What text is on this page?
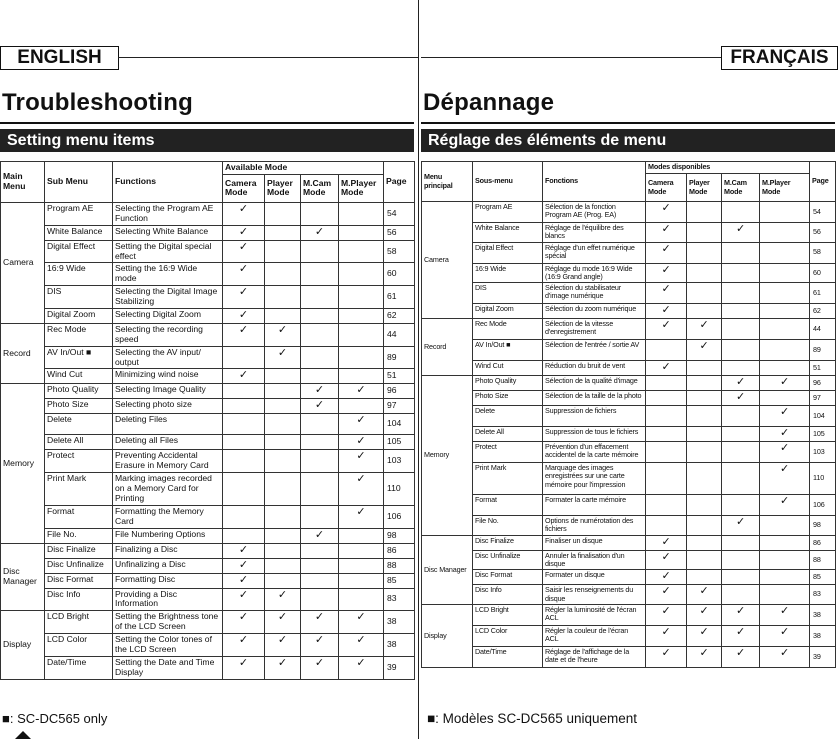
ENGLISH
Troubleshooting
Setting menu items
Main Menu	Sub Menu	Functions	Available Mode				Page
			Camera Mode	Player Mode	M.Cam Mode	M.Player Mode	
Camera	Program AE	Selecting the Program AE Function	✓				54
	White Balance	Selecting White Balance	✓		✓		56
	Digital Effect	Setting the Digital special effect	✓				58
	16:9 Wide	Setting the 16:9 Wide mode	✓				60
	DIS	Selecting the Digital Image Stabilizing	✓				61
	Digital Zoom	Selecting Digital Zoom	✓				62
Record	Rec Mode	Selecting the recording speed	✓	✓			44
	AV In/Out ■	Selecting the AV input/ output		✓			89
	Wind Cut	Minimizing wind noise	✓				51
Memory	Photo Quality	Selecting Image Quality			✓	✓	96
	Photo Size	Selecting photo size			✓		97
	Delete	Deleting Files				✓	104
	Delete All	Deleting all Files				✓	105
	Protect	Preventing Accidental Erasure in Memory Card				✓	103
	Print Mark	Marking images recorded on a Memory Card for Printing				✓	110
	Format	Formatting the Memory Card				✓	106
	File No.	File Numbering Options			✓		98
Disc Manager	Disc Finalize	Finalizing a Disc	✓				86
	Disc Unfinalize	Unfinalizing a Disc	✓				88
	Disc Format	Formatting Disc	✓				85
	Disc Info	Providing a Disc Information	✓	✓			83
Display	LCD Bright	Setting the Brightness tone of the LCD Screen	✓	✓	✓	✓	38
	LCD Color	Setting the Color tones of the LCD Screen	✓	✓	✓	✓	38
	Date/Time	Setting the Date and Time Display	✓	✓	✓	✓	39
■: SC-DC565 only
FRANÇAIS
Dépannage
Réglage des éléments de menu
Menu principal	Sous-menu	Fonctions	Modes disponibles				Page
			Camera Mode	Player Mode	M.Cam Mode	M.Player Mode	
Camera	Program AE	Sélection de la fonction Program AE (Prog. EA)	✓				54
	White Balance	Réglage de l'équilibre des blancs	✓		✓		56
	Digital Effect	Réglage d'un effet numérique spécial	✓				58
	16:9 Wide	Réglage du mode 16:9 Wide (16:9 Grand angle)	✓				60
	DIS	Sélection du stabilisateur d'image numérique	✓				61
	Digital Zoom	Sélection du zoom numérique	✓				62
Record	Rec Mode	Sélection de la vitesse d'enregistrement	✓	✓			44
	AV In/Out ■	Sélection de l'entrée / sortie AV		✓			89
	Wind Cut	Réduction du bruit de vent	✓				51
Memory	Photo Quality	Sélection de la qualité d'image			✓	✓	96
	Photo Size	Sélection de la taille de la photo			✓		97
	Delete	Suppression de fichiers				✓	104
	Delete All	Suppression de tous le fichiers				✓	105
	Protect	Prévention d'un effacement accidentel de la carte mémoire				✓	103
	Print Mark	Marquage des images enregistrées sur une carte mémoire pour l'impression				✓	110
	Format	Formater la carte mémoire				✓	106
	File No.	Options de numérotation des fichiers			✓		98
Disc Manager	Disc Finalize	Finaliser un disque	✓				86
	Disc Unfinalize	Annuler la finalisation d'un disque	✓				88
	Disc Format	Formater un disque	✓				85
	Disc Info	Saisir les renseignements du disque	✓	✓			83
Display	LCD Bright	Régler la luminosité de l'écran ACL	✓	✓	✓	✓	38
	LCD Color	Régler la couleur de l'écran ACL	✓	✓	✓	✓	38
	Date/Time	Réglage de l'affichage de la date et de l'heure	✓	✓	✓	✓	39
■: Modèles SC-DC565 uniquement
